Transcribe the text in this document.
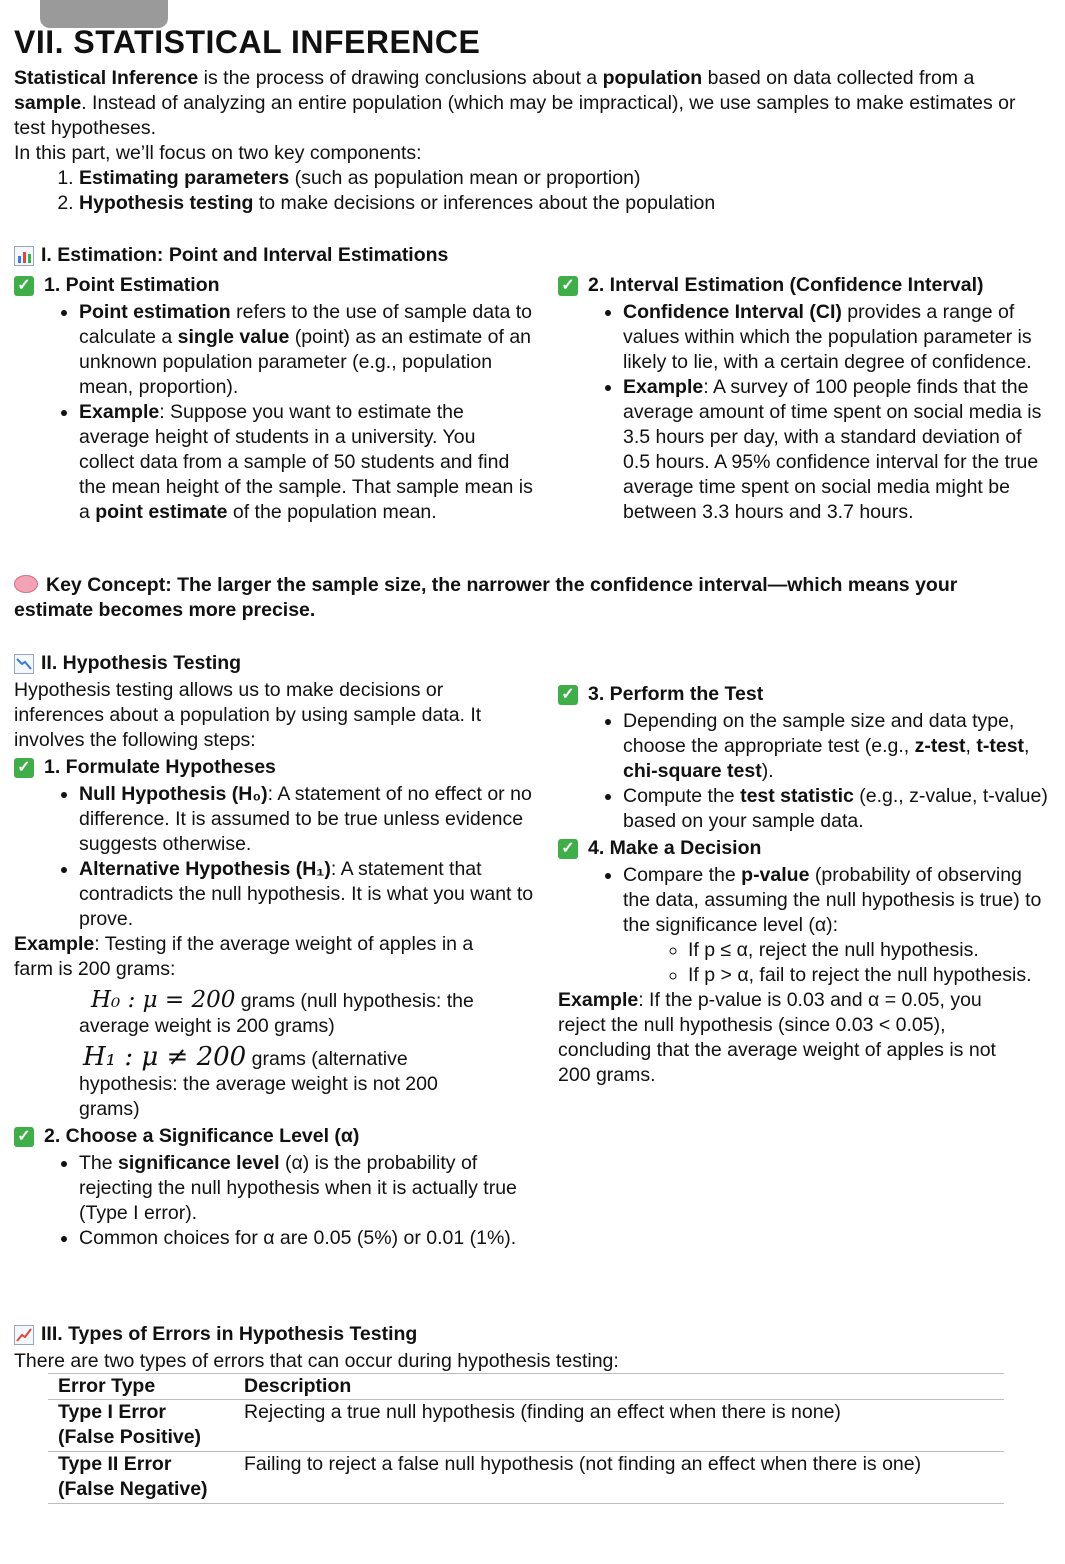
VII. STATISTICAL INFERENCE

Statistical Inference is the process of drawing conclusions about a population based on data collected from a sample. Instead of analyzing an entire population (which may be impractical), we use samples to make estimates or test hypotheses.

In this part, we’ll focus on two key components:

1. Estimating parameters (such as population mean or proportion)
2. Hypothesis testing to make decisions or inferences about the population
I. Estimation: Point and Interval Estimations
✓ 1. Point Estimation
• Point estimation refers to the use of sample data to calculate a single value (point) as an estimate of an unknown population parameter (e.g., population mean, proportion).
• Example: Suppose you want to estimate the average height of students in a university. You collect data from a sample of 50 students and find the mean height of the sample. That sample mean is a point estimate of the population mean.
✓ 2. Interval Estimation (Confidence Interval)
• Confidence Interval (CI) provides a range of values within which the population parameter is likely to lie, with a certain degree of confidence.
• Example: A survey of 100 people finds that the average amount of time spent on social media is 3.5 hours per day, with a standard deviation of 0.5 hours. A 95% confidence interval for the true average time spent on social media might be between 3.3 hours and 3.7 hours.
Key Concept: The larger the sample size, the narrower the confidence interval—which means your estimate becomes more precise.
II. Hypothesis Testing
Hypothesis testing allows us to make decisions or inferences about a population by using sample data. It involves the following steps:
✓ 1. Formulate Hypotheses
• Null Hypothesis (H₀): A statement of no effect or no difference. It is assumed to be true unless evidence suggests otherwise.
• Alternative Hypothesis (H₁): A statement that contradicts the null hypothesis. It is what you want to prove.
Example: Testing if the average weight of apples in a farm is 200 grams:
H₀ : μ = 200 grams (null hypothesis: the average weight is 200 grams)
H₁ : μ ≠ 200 grams (alternative hypothesis: the average weight is not 200 grams)
✓ 2. Choose a Significance Level (α)
• The significance level (α) is the probability of rejecting the null hypothesis when it is actually true (Type I error).
• Common choices for α are 0.05 (5%) or 0.01 (1%).
✓ 3. Perform the Test
• Depending on the sample size and data type, choose the appropriate test (e.g., z-test, t-test, chi-square test).
• Compute the test statistic (e.g., z-value, t-value) based on your sample data.
✓ 4. Make a Decision
• Compare the p-value (probability of observing the data, assuming the null hypothesis is true) to the significance level (α):
◦ If p ≤ α, reject the null hypothesis.
◦ If p > α, fail to reject the null hypothesis.
Example: If the p-value is 0.03 and α = 0.05, you reject the null hypothesis (since 0.03 < 0.05), concluding that the average weight of apples is not 200 grams.
III. Types of Errors in Hypothesis Testing
There are two types of errors that can occur during hypothesis testing:
Error Type	Description
Type I Error
(False Positive)	Rejecting a true null hypothesis (finding an effect when there is none)
Type II Error
(False Negative)	Failing to reject a false null hypothesis (not finding an effect when there is one)
